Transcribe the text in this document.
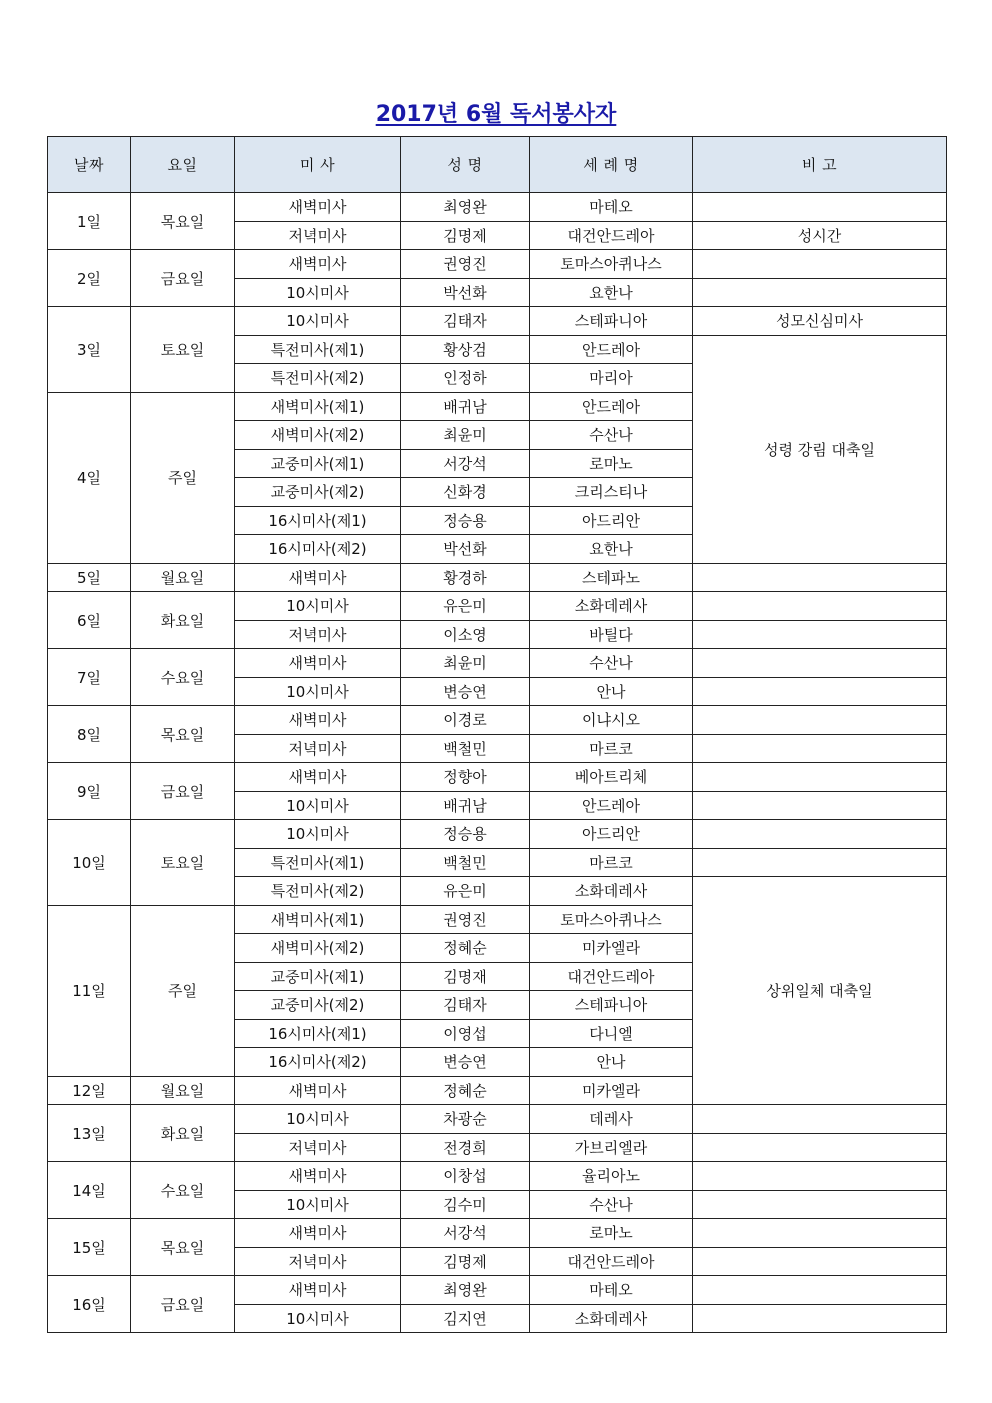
2017년 6월 독서봉사자
날짜	요일	미 사	성 명	세 례 명	비 고
1일	목요일	새벽미사	최영완	마테오	
		저녁미사	김명제	대건안드레아	성시간
2일	금요일	새벽미사	권영진	토마스아퀴나스	
		10시미사	박선화	요한나	
3일	토요일	10시미사	김태자	스테파니아	성모신심미사
		특전미사(제1)	황상검	안드레아	성령 강림 대축일
		특전미사(제2)	인정하	마리아	
4일	주일	새벽미사(제1)	배귀남	안드레아	
		새벽미사(제2)	최윤미	수산나	
		교중미사(제1)	서강석	로마노	
		교중미사(제2)	신화경	크리스티나	
		16시미사(제1)	정승용	아드리안	
		16시미사(제2)	박선화	요한나	
5일	월요일	새벽미사	황경하	스테파노	
6일	화요일	10시미사	유은미	소화데레사	
		저녁미사	이소영	바틸다	
7일	수요일	새벽미사	최윤미	수산나	
		10시미사	변승연	안나	
8일	목요일	새벽미사	이경로	이냐시오	
		저녁미사	백철민	마르코	
9일	금요일	새벽미사	정향아	베아트리체	
		10시미사	배귀남	안드레아	
10일	토요일	10시미사	정승용	아드리안	
		특전미사(제1)	백철민	마르코	
		특전미사(제2)	유은미	소화데레사	상위일체 대축일
11일	주일	새벽미사(제1)	권영진	토마스아퀴나스	
		새벽미사(제2)	정혜순	미카엘라	
		교중미사(제1)	김명재	대건안드레아	
		교중미사(제2)	김태자	스테파니아	
		16시미사(제1)	이영섭	다니엘	
		16시미사(제2)	변승연	안나	
12일	월요일	새벽미사	정혜순	미카엘라	
13일	화요일	10시미사	차광순	데레사	
		저녁미사	전경희	가브리엘라	
14일	수요일	새벽미사	이창섭	율리아노	
		10시미사	김수미	수산나	
15일	목요일	새벽미사	서강석	로마노	
		저녁미사	김명제	대건안드레아	
16일	금요일	새벽미사	최영완	마테오	
		10시미사	김지연	소화데레사	
